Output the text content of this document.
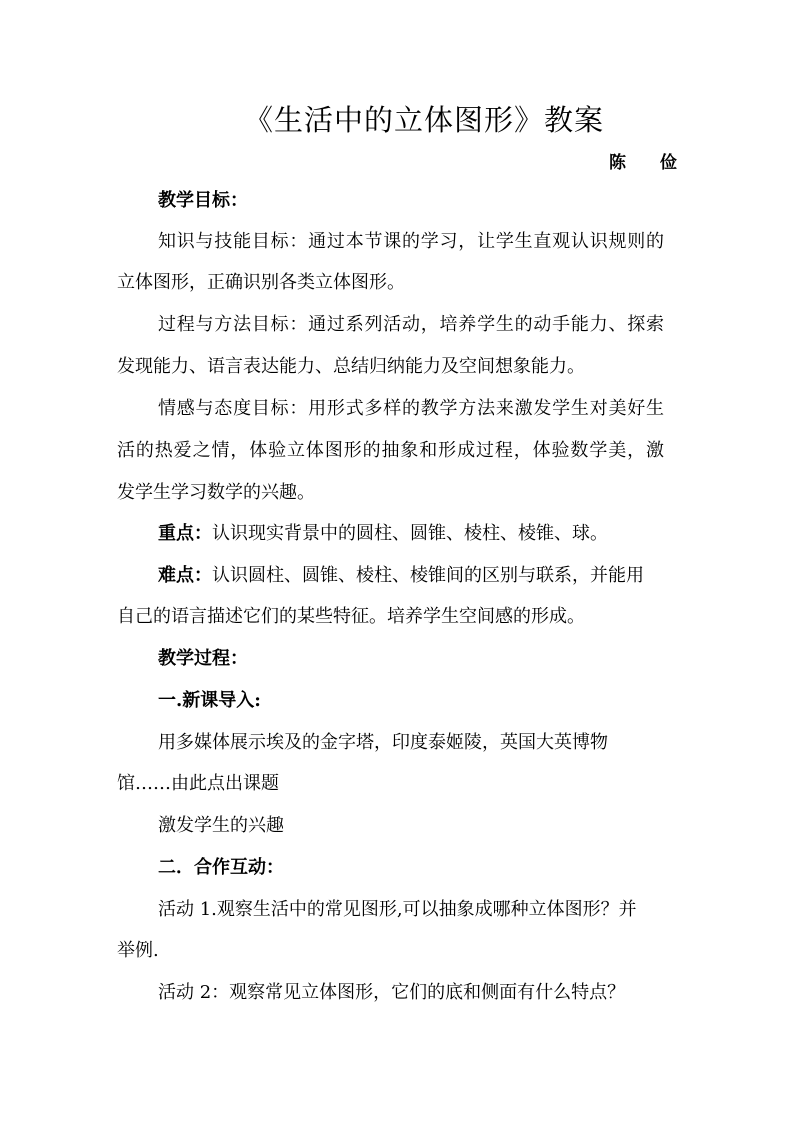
《生活中的立体图形》教案
陈 俭
教学目标：
知识与技能目标：通过本节课的学习，让学生直观认识规则的
立体图形，正确识别各类立体图形。
过程与方法目标：通过系列活动，培养学生的动手能力、探索
发现能力、语言表达能力、总结归纳能力及空间想象能力。
情感与态度目标：用形式多样的教学方法来激发学生对美好生
活的热爱之情，体验立体图形的抽象和形成过程，体验数学美，激
发学生学习数学的兴趣。
重点：认识现实背景中的圆柱、圆锥、棱柱、棱锥、球。
难点：认识圆柱、圆锥、棱柱、棱锥间的区别与联系，并能用
自己的语言描述它们的某些特征。培养学生空间感的形成。
教学过程：
一.新课导入:
用多媒体展示埃及的金字塔，印度泰姬陵，英国大英博物
馆……由此点出课题
激发学生的兴趣
二．合作互动：
活动 1.观察生活中的常见图形,可以抽象成哪种立体图形？并
举例.
活动 2：观察常见立体图形，它们的底和侧面有什么特点？
